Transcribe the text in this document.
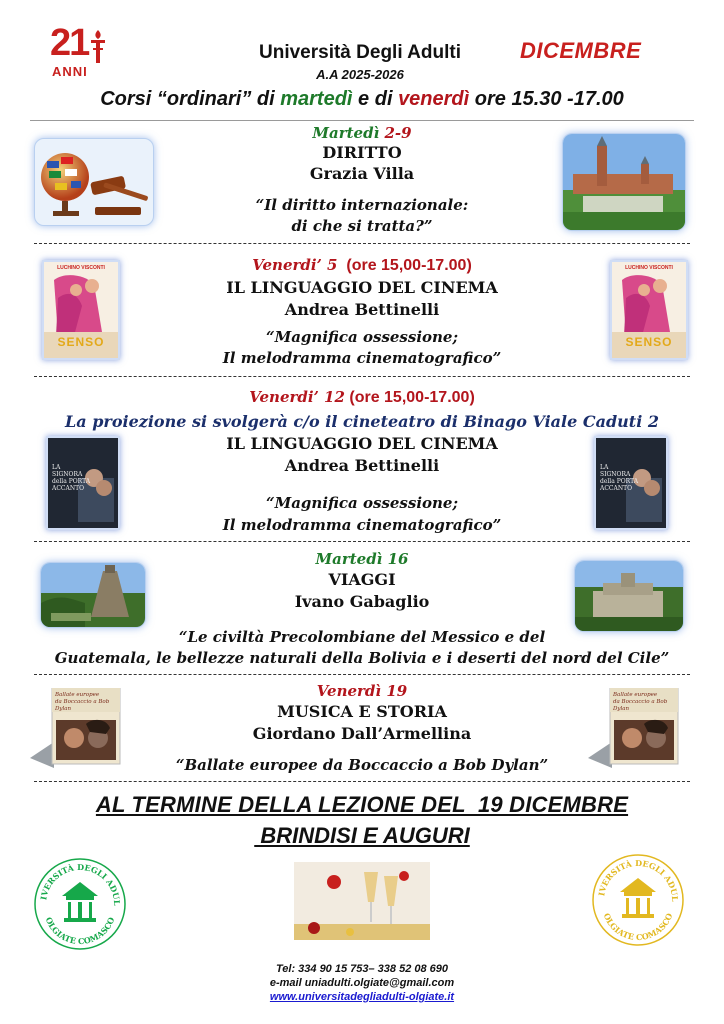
21
ANNI
Università Degli Adulti	DICEMBRE
A.A 2025-2026
Corsi “ordinari” di martedì e di venerdì ore 15.30 -17.00
Martedì 2-9
DIRITTO
Grazia Villa
“Il diritto internazionale:
di che si tratta?”
LUCHINO VISCONTI
SENSO
Venerdi’ 5 (ore 15,00-17.00)
IL LINGUAGGIO DEL CINEMA
Andrea Bettinelli
“Magnifica ossessione;
Il melodramma cinematografico”
LUCHINO VISCONTI
SENSO
Venerdi’ 12 (ore 15,00-17.00)
La proiezione si svolgerà c/o il cineteatro di Binago Viale Caduti 2
LA
SIGNORA
della PORTA
ACCANTO
IL LINGUAGGIO DEL CINEMA
Andrea Bettinelli
“Magnifica ossessione;
Il melodramma cinematografico”
LA
SIGNORA
della PORTA
ACCANTO
Martedì 16
VIAGGI
Ivano Gabaglio
“Le civiltà Precolombiane del Messico e del
Guatemala, le bellezze naturali della Bolivia e i deserti del nord del Cile”
Ballate europee
da Boccaccio a Bob Dylan
Venerdì 19
MUSICA E STORIA
Giordano Dall’Armellina
“Ballate europee da Boccaccio a Bob Dylan”
Ballate europee
da Boccaccio a Bob Dylan
AL TERMINE DELLA LEZIONE DEL  19 DICEMBRE
BRINDISI E AUGURI
IVERSITÀ DEGLI ADUL
OLGIATE COMASCO
IVERSITÀ DEGLI ADUL
OLGIATE COMASCO
Tel: 334 90 15 753– 338 52 08 690
e-mail uniadulti.olgiate@gmail.com
www.universitadegliadulti-olgiate.it
